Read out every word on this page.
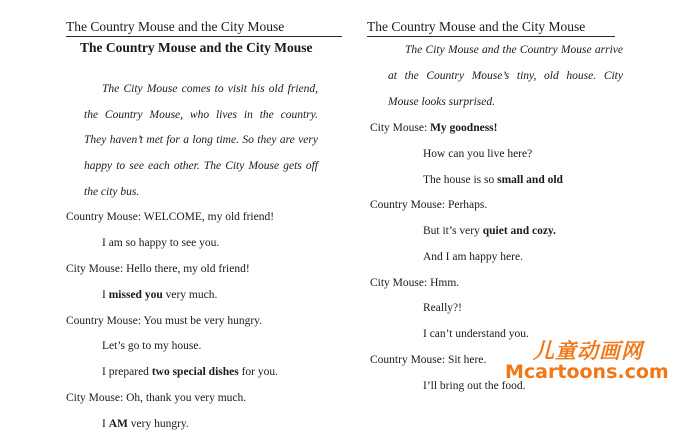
The Country Mouse and the City Mouse
The Country Mouse and the City Mouse
The City Mouse comes to visit his old friend,
the Country Mouse, who lives in the country.
They haven’t met for a long time. So they are very
happy to see each other. The City Mouse gets off
the city bus.
Country Mouse: WELCOME, my old friend!
I am so happy to see you.
City Mouse: Hello there, my old friend!
I missed you very much.
Country Mouse: You must be very hungry.
Let’s go to my house.
I prepared two special dishes for you.
City Mouse: Oh, thank you very much.
I AM very hungry.
The Country Mouse and the City Mouse
The City Mouse and the Country Mouse arrive
at the Country Mouse’s tiny, old house. City
Mouse looks surprised.
City Mouse: My goodness!
How can you live here?
The house is so small and old
Country Mouse: Perhaps.
But it’s very quiet and cozy.
And I am happy here.
City Mouse: Hmm.
Really?!
I can’t understand you.
Country Mouse: Sit here.
I’ll bring out the food.
儿童动画网
Mcartoons.com
